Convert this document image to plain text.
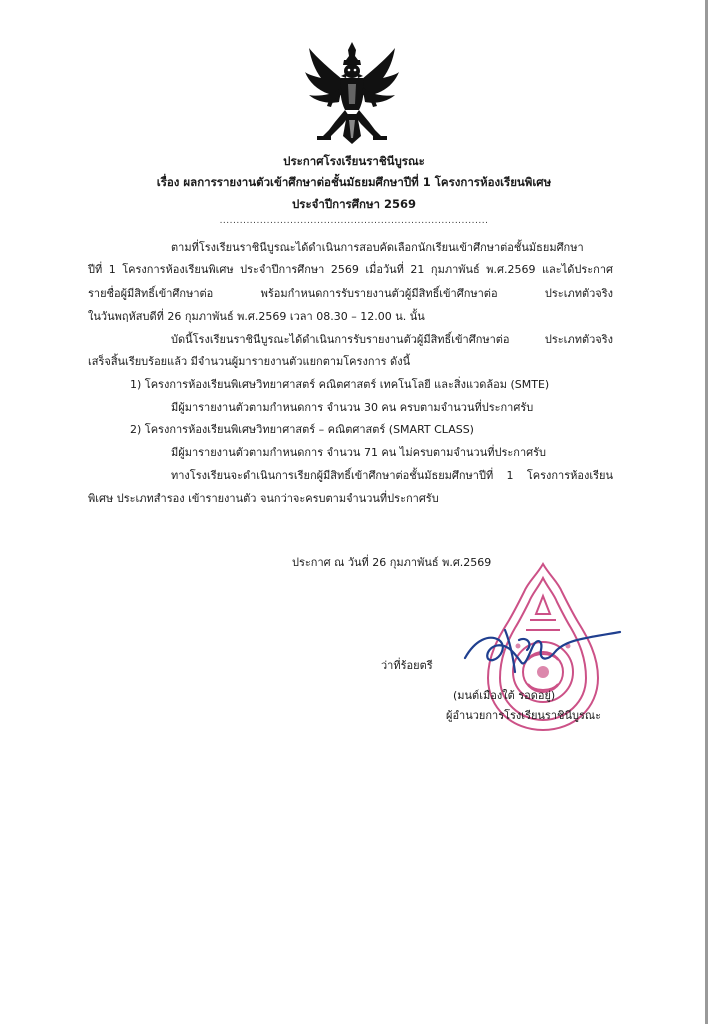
ประกาศโรงเรียนราชินีบูรณะ
เรื่อง ผลการรายงานตัวเข้าศึกษาต่อชั้นมัธยมศึกษาปีที่ 1 โครงการห้องเรียนพิเศษ
ประจำปีการศึกษา 2569
................................................................................
ตามที่โรงเรียนราชินีบูรณะได้ดำเนินการสอบคัดเลือกนักเรียนเข้าศึกษาต่อชั้นมัธยมศึกษา
ปีที่ 1 โครงการห้องเรียนพิเศษ ประจำปีการศึกษา 2569 เมื่อวันที่ 21 กุมภาพันธ์ พ.ศ.2569 และได้ประกาศ
รายชื่อผู้มีสิทธิ์เข้าศึกษาต่อ พร้อมกำหนดการรับรายงานตัวผู้มีสิทธิ์เข้าศึกษาต่อ ประเภทตัวจริง
ในวันพฤหัสบดีที่ 26 กุมภาพันธ์ พ.ศ.2569 เวลา 08.30 – 12.00 น. นั้น
บัดนี้โรงเรียนราชินีบูรณะได้ดำเนินการรับรายงานตัวผู้มีสิทธิ์เข้าศึกษาต่อ ประเภทตัวจริง
เสร็จสิ้นเรียบร้อยแล้ว มีจำนวนผู้มารายงานตัวแยกตามโครงการ ดังนี้
1) โครงการห้องเรียนพิเศษวิทยาศาสตร์ คณิตศาสตร์ เทคโนโลยี และสิ่งแวดล้อม (SMTE)
มีผู้มารายงานตัวตามกำหนดการ จำนวน 30 คน ครบตามจำนวนที่ประกาศรับ
2) โครงการห้องเรียนพิเศษวิทยาศาสตร์ – คณิตศาสตร์ (SMART CLASS)
มีผู้มารายงานตัวตามกำหนดการ จำนวน 71 คน ไม่ครบตามจำนวนที่ประกาศรับ
ทางโรงเรียนจะดำเนินการเรียกผู้มีสิทธิ์เข้าศึกษาต่อชั้นมัธยมศึกษาปีที่ 1 โครงการห้องเรียน
พิเศษ ประเภทสำรอง เข้ารายงานตัว จนกว่าจะครบตามจำนวนที่ประกาศรับ
ประกาศ ณ วันที่ 26 กุมภาพันธ์ พ.ศ.2569
ว่าที่ร้อยตรี
(มนต์เมืองใต้ รอดอยู่)
ผู้อำนวยการโรงเรียนราชินีบูรณะ
